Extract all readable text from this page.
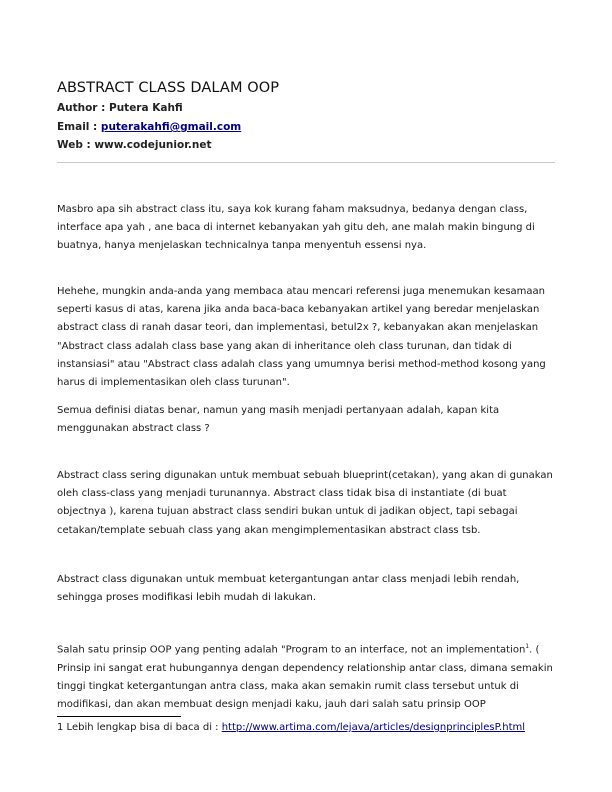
ABSTRACT CLASS DALAM OOP
Author : Putera Kahfi
Email : puterakahfi@gmail.com
Web : www.codejunior.net

Masbro apa sih abstract class itu, saya kok kurang faham maksudnya, bedanya dengan class, interface apa yah , ane baca di internet kebanyakan yah gitu deh, ane malah makin bingung di buatnya, hanya menjelaskan technicalnya tanpa menyentuh essensi nya.

Hehehe, mungkin anda-anda yang membaca atau mencari referensi juga menemukan kesamaan seperti kasus di atas, karena jika anda baca-baca kebanyakan artikel yang beredar menjelaskan abstract class di ranah dasar teori, dan implementasi, betul2x ?, kebanyakan akan menjelaskan "Abstract class adalah class base yang akan di inheritance oleh class turunan, dan tidak di instansiasi" atau "Abstract class adalah class yang umumnya berisi method-method kosong yang harus di implementasikan oleh class turunan".

Semua definisi diatas benar, namun yang masih menjadi pertanyaan adalah, kapan kita menggunakan abstract class ?

Abstract class sering digunakan untuk membuat sebuah blueprint(cetakan), yang akan di gunakan oleh class-class yang menjadi turunannya. Abstract class tidak bisa di instantiate (di buat objectnya ), karena tujuan abstract class sendiri bukan untuk di jadikan object, tapi sebagai cetakan/template sebuah class yang akan mengimplementasikan abstract class tsb.

Abstract class digunakan untuk membuat ketergantungan antar class menjadi lebih rendah, sehingga proses modifikasi lebih mudah di lakukan.

Salah satu prinsip OOP yang penting adalah "Program to an interface, not an implementation$^1$. ( Prinsip ini sangat erat hubungannya dengan dependency relationship antar class, dimana semakin tinggi tingkat ketergantungan antra class, maka akan semakin rumit class tersebut untuk di modifikasi, dan akan membuat design menjadi kaku, jauh dari salah satu prinsip OOP

1 Lebih lengkap bisa di baca di : http://www.artima.com/lejava/articles/designprinciplesP.html
